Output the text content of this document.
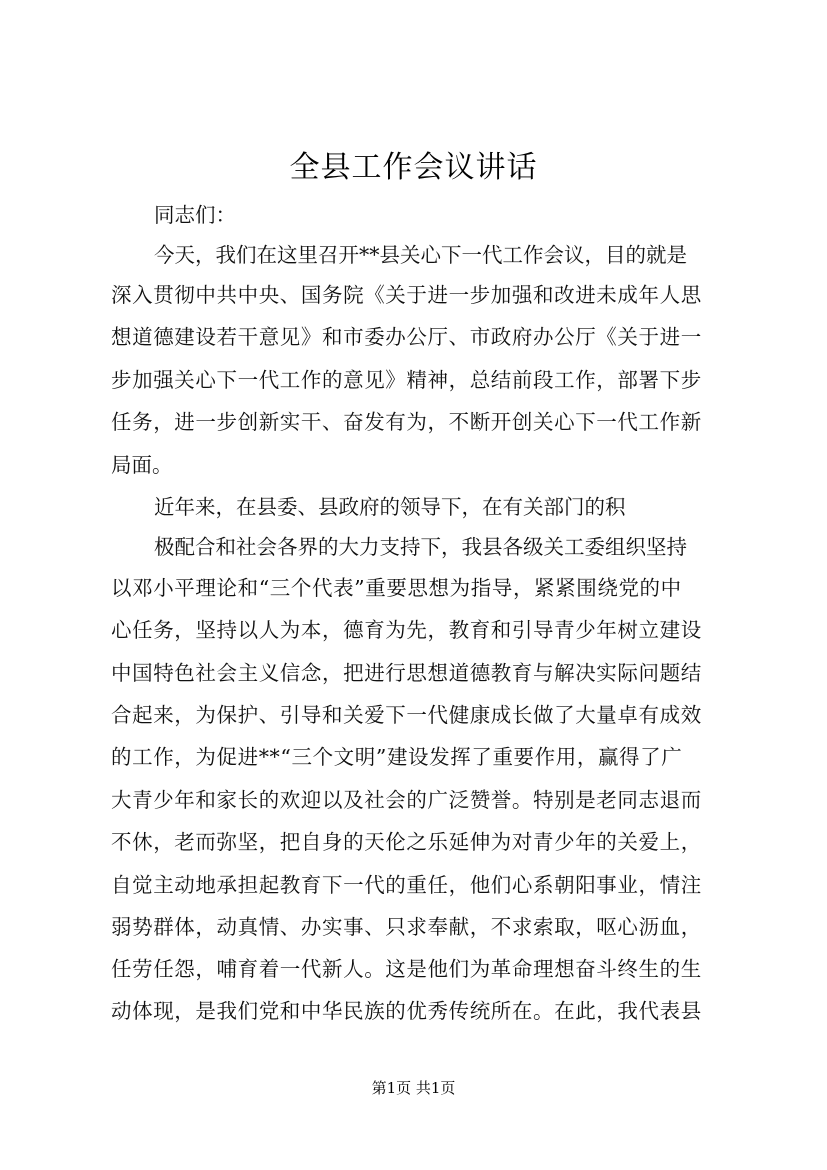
全县工作会议讲话
同志们：
今天，我们在这里召开**县关心下一代工作会议，目的就是
深入贯彻中共中央、国务院《关于进一步加强和改进未成年人思
想道德建设若干意见》和市委办公厅、市政府办公厅《关于进一
步加强关心下一代工作的意见》精神，总结前段工作，部署下步
任务，进一步创新实干、奋发有为，不断开创关心下一代工作新
局面。
近年来，在县委、县政府的领导下，在有关部门的积
极配合和社会各界的大力支持下，我县各级关工委组织坚持
以邓小平理论和“三个代表”重要思想为指导，紧紧围绕党的中
心任务，坚持以人为本，德育为先，教育和引导青少年树立建设
中国特色社会主义信念，把进行思想道德教育与解决实际问题结
合起来，为保护、引导和关爱下一代健康成长做了大量卓有成效
的工作，为促进**“三个文明”建设发挥了重要作用，赢得了广
大青少年和家长的欢迎以及社会的广泛赞誉。特别是老同志退而
不休，老而弥坚，把自身的天伦之乐延伸为对青少年的关爱上，
自觉主动地承担起教育下一代的重任，他们心系朝阳事业，情注
弱势群体，动真情、办实事、只求奉献，不求索取，呕心沥血，
任劳任怨，哺育着一代新人。这是他们为革命理想奋斗终生的生
动体现，是我们党和中华民族的优秀传统所在。在此，我代表县
第1页 共1页
